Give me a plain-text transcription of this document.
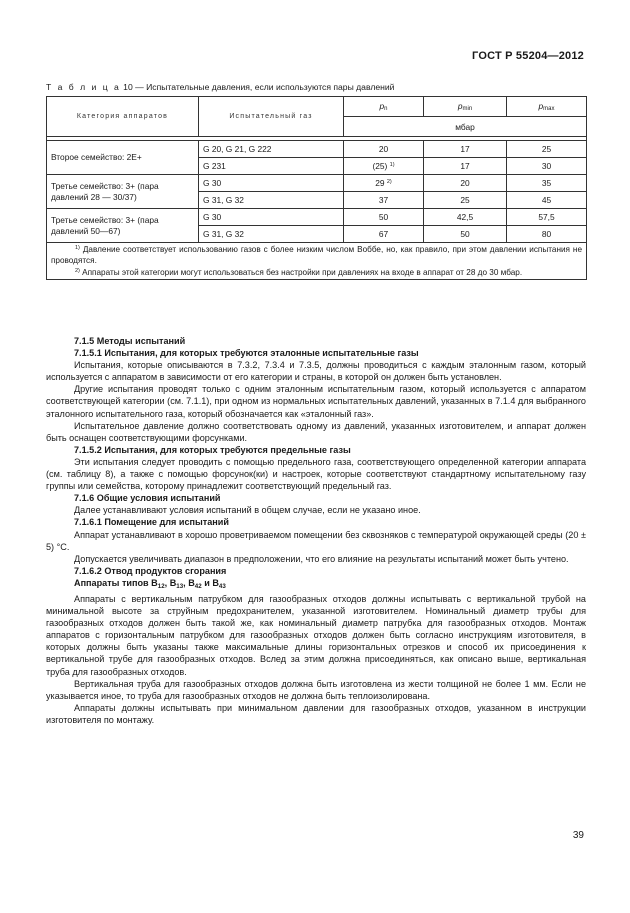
ГОСТ Р 55204—2012
Т а б л и ц а 10 — Испытательные давления, если используются пары давлений
Категория аппаратов	Испытательный газ	pn	pmin	pmax
		мбар		

Второе семейство: 2Е+	G 20, G 21, G 222	20	17	25
	G 231	(25) $^{1)}$	17	30
Третье семейство: 3+ (пара давлений 28 — 30/37)	G 30	29 $^{2)}$	20	35
	G 31, G 32	37	25	45
Третье семейство: 3+ (пара давлений 50—67)	G 30	50	42,5	57,5
	G 31, G 32	67	50	80

$^{1)}$ Давление соответствует использованию газов с более низким числом Воббе, но, как правило, при этом давлении испытания не проводятся.

$^{2)}$ Аппараты этой категории могут использоваться без настройки при давлениях на входе в аппарат от 28 до 30 мбар.				

7.1.5 Методы испытаний

7.1.5.1 Испытания, для которых требуются эталонные испытательные газы

Испытания, которые описываются в 7.3.2, 7.3.4 и 7.3.5, должны проводиться с каждым эталонным газом, который используется с аппаратом в зависимости от его категории и страны, в которой он должен быть установлен.

Другие испытания проводят только с одним эталонным испытательным газом, который используется с аппаратом соответствующей категории (см. 7.1.1), при одном из нормальных испытательных давлений, указанных в 7.1.4 для выбранного эталонного испытательного газа, который обозначается как «эталонный газ».

Испытательное давление должно соответствовать одному из давлений, указанных изготовителем, и аппарат должен быть оснащен соответствующими форсунками.

7.1.5.2 Испытания, для которых требуются предельные газы

Эти испытания следует проводить с помощью предельного газа, соответствующего определенной категории аппарата (см. таблицу 8), а также с помощью форсунок(ки) и настроек, которые соответствуют стандартному испытательному газу группы или семейства, которому принадлежит соответствующий предельный газ.

7.1.6 Общие условия испытаний

Далее устанавливают условия испытаний в общем случае, если не указано иное.

7.1.6.1 Помещение для испытаний

Аппарат устанавливают в хорошо проветриваемом помещении без сквозняков с температурой окружающей среды (20 ± 5) °С.

Допускается увеличивать диапазон в предположении, что его влияние на результаты испытаний может быть учтено.

7.1.6.2 Отвод продуктов сгорания

Аппараты типов $В_{12}$, $В_{13}$, $В_{42}$ и $В_{43}$

Аппараты с вертикальным патрубком для газообразных отходов должны испытывать с вертикальной трубой на минимальной высоте за струйным предохранителем, указанной изготовителем. Номинальный диаметр трубы для газообразных отходов должен быть такой же, как номинальный диаметр патрубка для газообразных отходов. Монтаж аппаратов с горизонтальным патрубком для газообразных отходов должен быть согласно инструкциям изготовителя, в которых должны быть указаны также максимальные длины горизонтальных отрезков и способ их присоединения к вертикальной трубе для газообразных отходов. Вслед за этим должна присоединяться, как описано выше, вертикальная труба для газообразных отходов.

Вертикальная труба для газообразных отходов должна быть изготовлена из жести толщиной не более 1 мм. Если не указывается иное, то труба для газообразных отходов не должна быть теплоизолирована.

Аппараты должны испытывать при минимальном давлении для газообразных отходов, указанном в инструкции изготовителя по монтажу.

39
